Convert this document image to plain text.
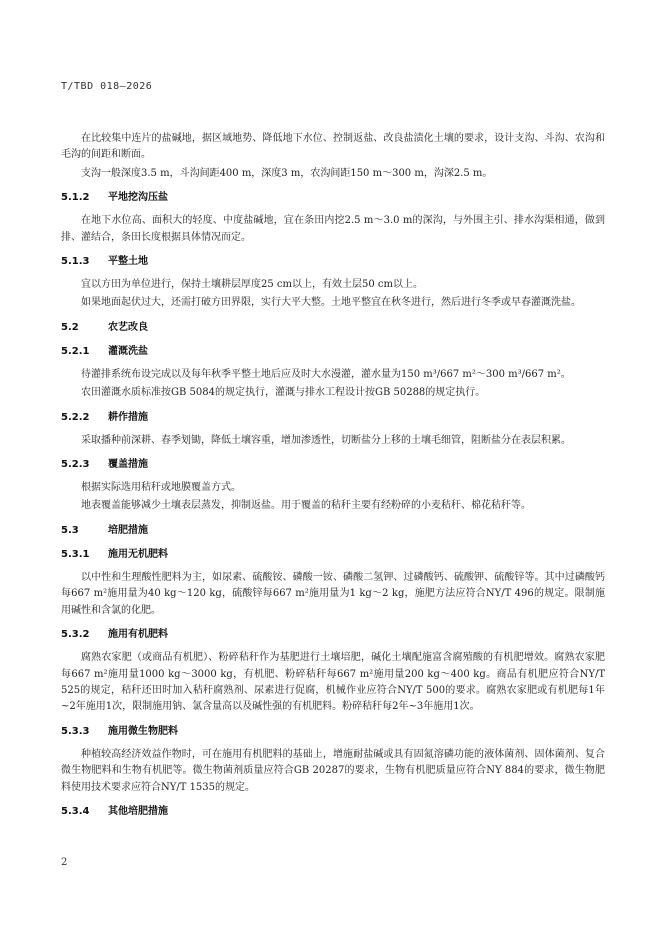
T/TBD 018—2026

在比较集中连片的盐碱地，据区域地势、降低地下水位、控制返盐、改良盐渍化土壤的要求，设计支沟、斗沟、农沟和毛沟的间距和断面。

支沟一般深度3.5 m，斗沟间距400 m，深度3 m，农沟间距150 m～300 m，沟深2.5 m。

5.1.2 平地挖沟压盐

在地下水位高、面积大的轻度、中度盐碱地，宜在条田内挖2.5 m～3.0 m的深沟，与外围主引、排水沟渠相通，做到排、灌结合，条田长度根据具体情况而定。

5.1.3 平整土地

宜以方田为单位进行，保持土壤耕层厚度25 cm以上，有效土层50 cm以上。

如果地面起伏过大，还需打破方田界限，实行大平大整。土地平整宜在秋冬进行，然后进行冬季或早春灌溉洗盐。

5.2	农艺改良
5.2.1 灌溉洗盐

待灌排系统布设完成以及每年秋季平整土地后应及时大水漫灌，灌水量为150 m³/667 m²～300 m³/667 m²。

农田灌溉水质标准按GB 5084的规定执行，灌溉与排水工程设计按GB 50288的规定执行。

5.2.2 耕作措施

采取播种前深耕、春季划锄，降低土壤容重，增加渗透性，切断盐分上移的土壤毛细管，阻断盐分在表层积累。

5.2.3 覆盖措施

根据实际选用秸秆或地膜覆盖方式。

地表覆盖能够减少土壤表层蒸发，抑制返盐。用于覆盖的秸秆主要有经粉碎的小麦秸秆、棉花秸秆等。

5.3	培肥措施
5.3.1 施用无机肥料

以中性和生理酸性肥料为主，如尿素、硫酸铵、磷酸一铵、磷酸二氢钾、过磷酸钙、硫酸钾、硫酸锌等。其中过磷酸钙每667 m²施用量为40 kg～120 kg，硫酸锌每667 m²施用量为1 kg～2 kg，施肥方法应符合NY/T 496的规定。限制施用碱性和含氯的化肥。

5.3.2 施用有机肥料

腐熟农家肥（或商品有机肥）、粉碎秸秆作为基肥进行土壤培肥，碱化土壤配施富含腐殖酸的有机肥增效。腐熟农家肥每667 m²施用量1000 kg～3000 kg，有机肥、粉碎秸秆每667 m²施用量200 kg～400 kg。商品有机肥应符合NY/T 525的规定，秸秆还田时加入秸秆腐熟剂、尿素进行促腐，机械作业应符合NY/T 500的要求。腐熟农家肥或有机肥每1年~2年施用1次，限制施用钠、氯含量高以及碱性强的有机肥料。粉碎秸秆每2年~3年施用1次。

5.3.3 施用微生物肥料

种植较高经济效益作物时，可在施用有机肥料的基础上，增施耐盐碱或具有固氮溶磷功能的液体菌剂、固体菌剂、复合微生物肥料和生物有机肥等。微生物菌剂质量应符合GB 20287的要求，生物有机肥质量应符合NY 884的要求，微生物肥料使用技术要求应符合NY/T 1535的规定。

5.3.4 其他培肥措施
2
